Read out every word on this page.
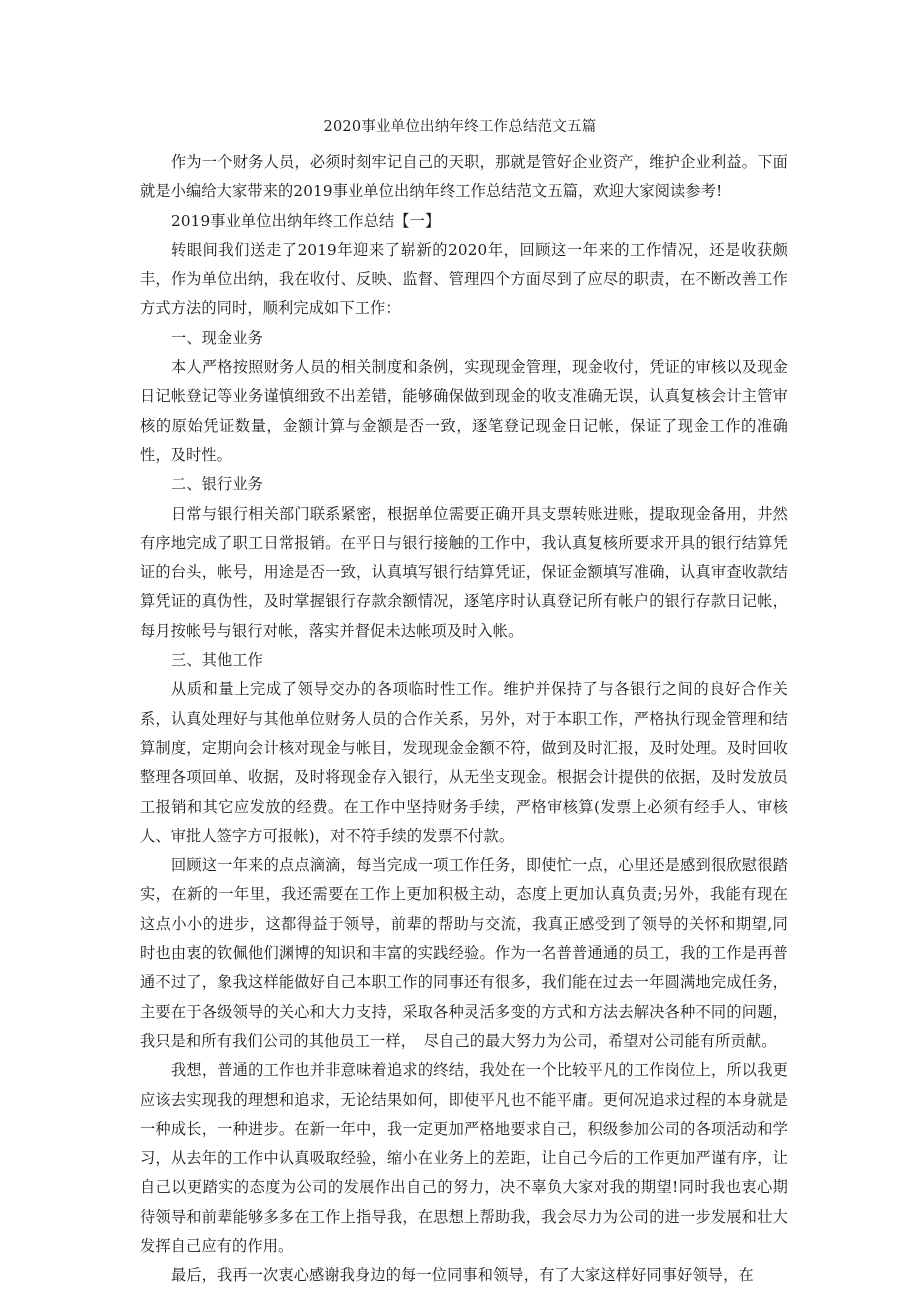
2020事业单位出纳年终工作总结范文五篇

作为一个财务人员，必须时刻牢记自己的天职，那就是管好企业资产，维护企业利益。下面就是小编给大家带来的2019事业单位出纳年终工作总结范文五篇，欢迎大家阅读参考!

2019事业单位出纳年终工作总结【一】

转眼间我们送走了2019年迎来了崭新的2020年，回顾这一年来的工作情况，还是收获颇丰，作为单位出纳，我在收付、反映、监督、管理四个方面尽到了应尽的职责，在不断改善工作方式方法的同时，顺利完成如下工作：

一、现金业务

本人严格按照财务人员的相关制度和条例，实现现金管理，现金收付，凭证的审核以及现金日记帐登记等业务谨慎细致不出差错，能够确保做到现金的收支准确无误，认真复核会计主管审核的原始凭证数量，金额计算与金额是否一致，逐笔登记现金日记帐，保证了现金工作的准确性，及时性。

二、银行业务

日常与银行相关部门联系紧密，根据单位需要正确开具支票转账进账，提取现金备用，井然有序地完成了职工日常报销。在平日与银行接触的工作中，我认真复核所要求开具的银行结算凭证的台头，帐号，用途是否一致，认真填写银行结算凭证，保证金额填写准确，认真审查收款结算凭证的真伪性，及时掌握银行存款余额情况，逐笔序时认真登记所有帐户的银行存款日记帐，每月按帐号与银行对帐，落实并督促未达帐项及时入帐。

三、其他工作

从质和量上完成了领导交办的各项临时性工作。维护并保持了与各银行之间的良好合作关系，认真处理好与其他单位财务人员的合作关系，另外，对于本职工作，严格执行现金管理和结算制度，定期向会计核对现金与帐目，发现现金金额不符，做到及时汇报，及时处理。及时回收整理各项回单、收据，及时将现金存入银行，从无坐支现金。根据会计提供的依据，及时发放员工报销和其它应发放的经费。在工作中坚持财务手续，严格审核算(发票上必须有经手人、审核人、审批人签字方可报帐)，对不符手续的发票不付款。

回顾这一年来的点点滴滴，每当完成一项工作任务，即使忙一点，心里还是感到很欣慰很踏实，在新的一年里，我还需要在工作上更加积极主动，态度上更加认真负责;另外，我能有现在这点小小的进步，这都得益于领导，前辈的帮助与交流，我真正感受到了领导的关怀和期望,同时也由衷的钦佩他们渊博的知识和丰富的实践经验。作为一名普普通通的员工，我的工作是再普通不过了，象我这样能做好自己本职工作的同事还有很多，我们能在过去一年圆满地完成任务，主要在于各级领导的关心和大力支持，采取各种灵活多变的方式和方法去解决各种不同的问题，我只是和所有我们公司的其他员工一样，　尽自己的最大努力为公司，希望对公司能有所贡献。

我想，普通的工作也并非意味着追求的终结，我处在一个比较平凡的工作岗位上，所以我更应该去实现我的理想和追求，无论结果如何，即使平凡也不能平庸。更何况追求过程的本身就是一种成长，一种进步。在新一年中，我一定更加严格地要求自己，积级参加公司的各项活动和学习，从去年的工作中认真吸取经验，缩小在业务上的差距，让自己今后的工作更加严谨有序，让自己以更踏实的态度为公司的发展作出自己的努力，决不辜负大家对我的期望!同时我也衷心期待领导和前辈能够多多在工作上指导我，在思想上帮助我，我会尽力为公司的进一步发展和壮大发挥自己应有的作用。

最后，我再一次衷心感谢我身边的每一位同事和领导，有了大家这样好同事好领导，在
